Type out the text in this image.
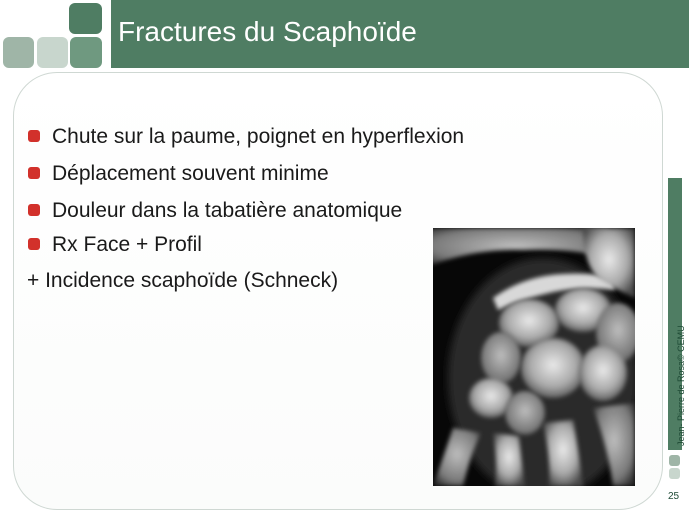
Fractures du Scaphoïde
Chute sur la paume, poignet en hyperflexion
Déplacement souvent minime
Douleur dans la tabatière anatomique
Rx Face + Profil
+ Incidence scaphoïde (Schneck)
Jean- Pierre de Rosa© CEMU
25
